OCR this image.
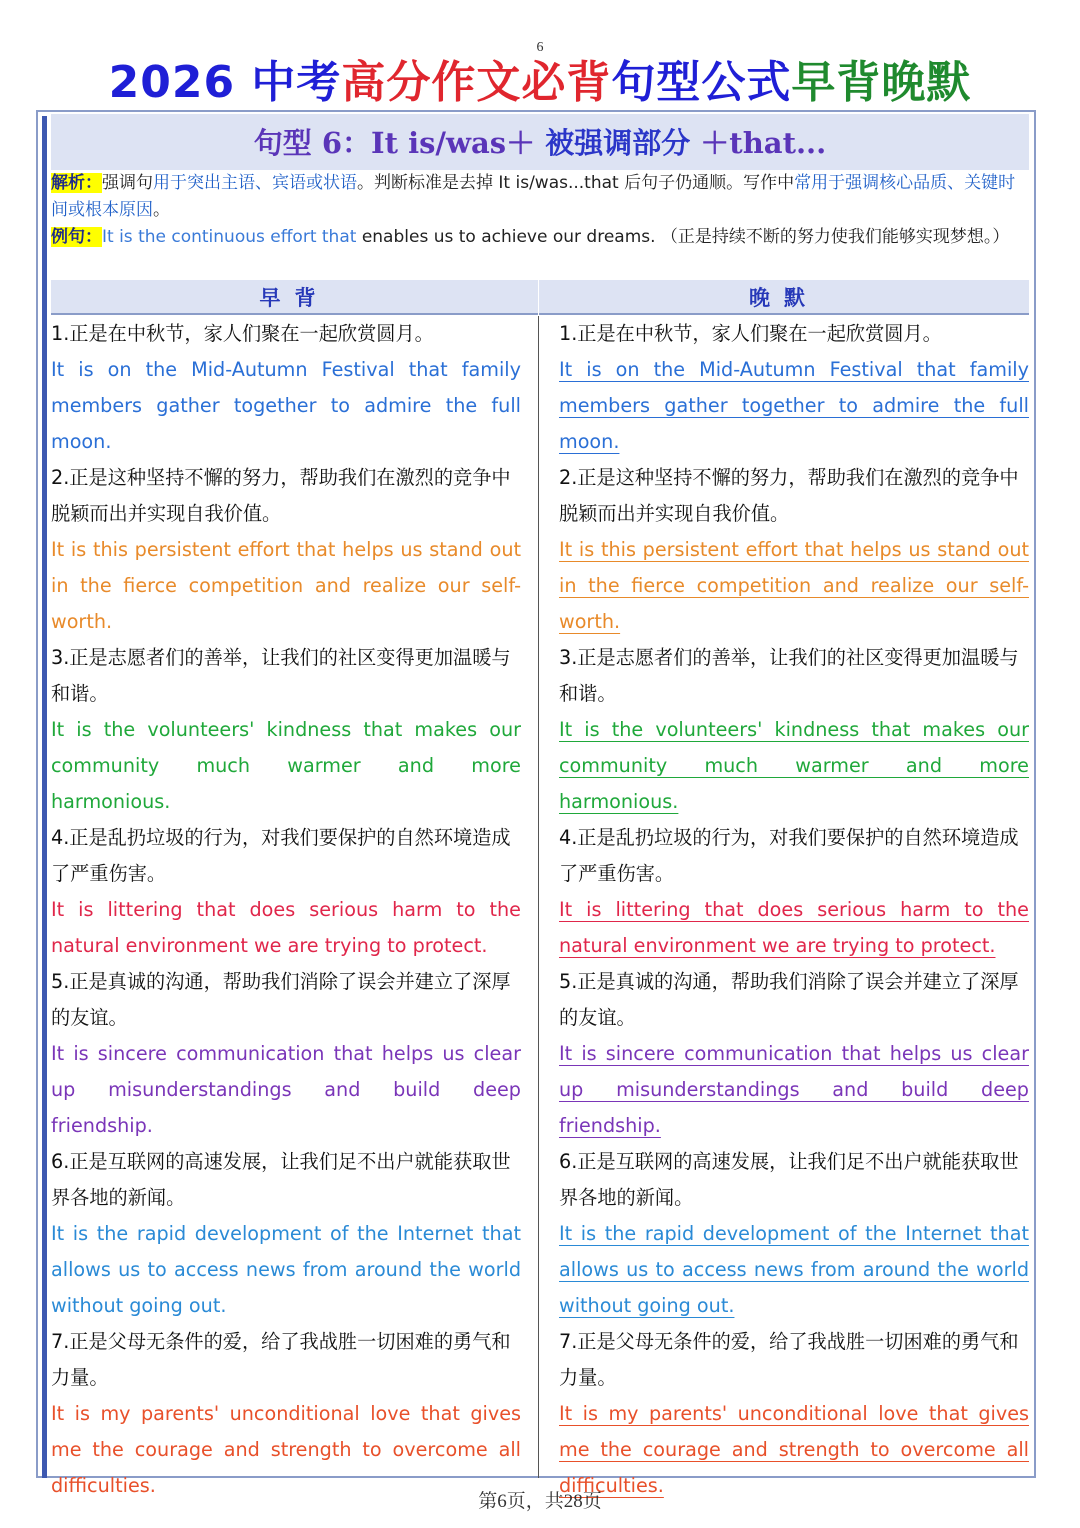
6
2026 中考高分作文必背句型公式早背晚默
句型 6：It is/was＋ 被强调部分 ＋that...
解析：强调句用于突出主语、宾语或状语。判断标准是去掉 It is/was...that 后句子仍通顺。写作中常用于强调核心品质、关键时间或根本原因。
例句：It is the continuous effort that enables us to achieve our dreams. （正是持续不断的努力使我们能够实现梦想。）
早背	晚默
1.正是在中秋节，家人们聚在一起欣赏圆月。
It is on the Mid-Autumn Festival that family members gather together to admire the full moon.
2.正是这种坚持不懈的努力，帮助我们在激烈的竞争中脱颖而出并实现自我价值。
It is this persistent effort that helps us stand out in the fierce competition and realize our self-worth.
3.正是志愿者们的善举，让我们的社区变得更加温暖与和谐。
It is the volunteers' kindness that makes our community much warmer and more harmonious.
4.正是乱扔垃圾的行为，对我们要保护的自然环境造成了严重伤害。
It is littering that does serious harm to the natural environment we are trying to protect.
5.正是真诚的沟通，帮助我们消除了误会并建立了深厚的友谊。
It is sincere communication that helps us clear up misunderstandings and build deep friendship.
6.正是互联网的高速发展，让我们足不出户就能获取世界各地的新闻。
It is the rapid development of the Internet that allows us to access news from around the world without going out.
7.正是父母无条件的爱，给了我战胜一切困难的勇气和力量。
It is my parents' unconditional love that gives me the courage and strength to overcome all difficulties.
1.正是在中秋节，家人们聚在一起欣赏圆月。
It is on the Mid-Autumn Festival that family members gather together to admire the full moon.
2.正是这种坚持不懈的努力，帮助我们在激烈的竞争中脱颖而出并实现自我价值。
It is this persistent effort that helps us stand out in the fierce competition and realize our self-worth.
3.正是志愿者们的善举，让我们的社区变得更加温暖与和谐。
It is the volunteers' kindness that makes our community much warmer and more harmonious.
4.正是乱扔垃圾的行为，对我们要保护的自然环境造成了严重伤害。
It is littering that does serious harm to the natural environment we are trying to protect.
5.正是真诚的沟通，帮助我们消除了误会并建立了深厚的友谊。
It is sincere communication that helps us clear up misunderstandings and build deep friendship.
6.正是互联网的高速发展，让我们足不出户就能获取世界各地的新闻。
It is the rapid development of the Internet that allows us to access news from around the world without going out.
7.正是父母无条件的爱，给了我战胜一切困难的勇气和力量。
It is my parents' unconditional love that gives me the courage and strength to overcome all difficulties.
第6页，共28页
